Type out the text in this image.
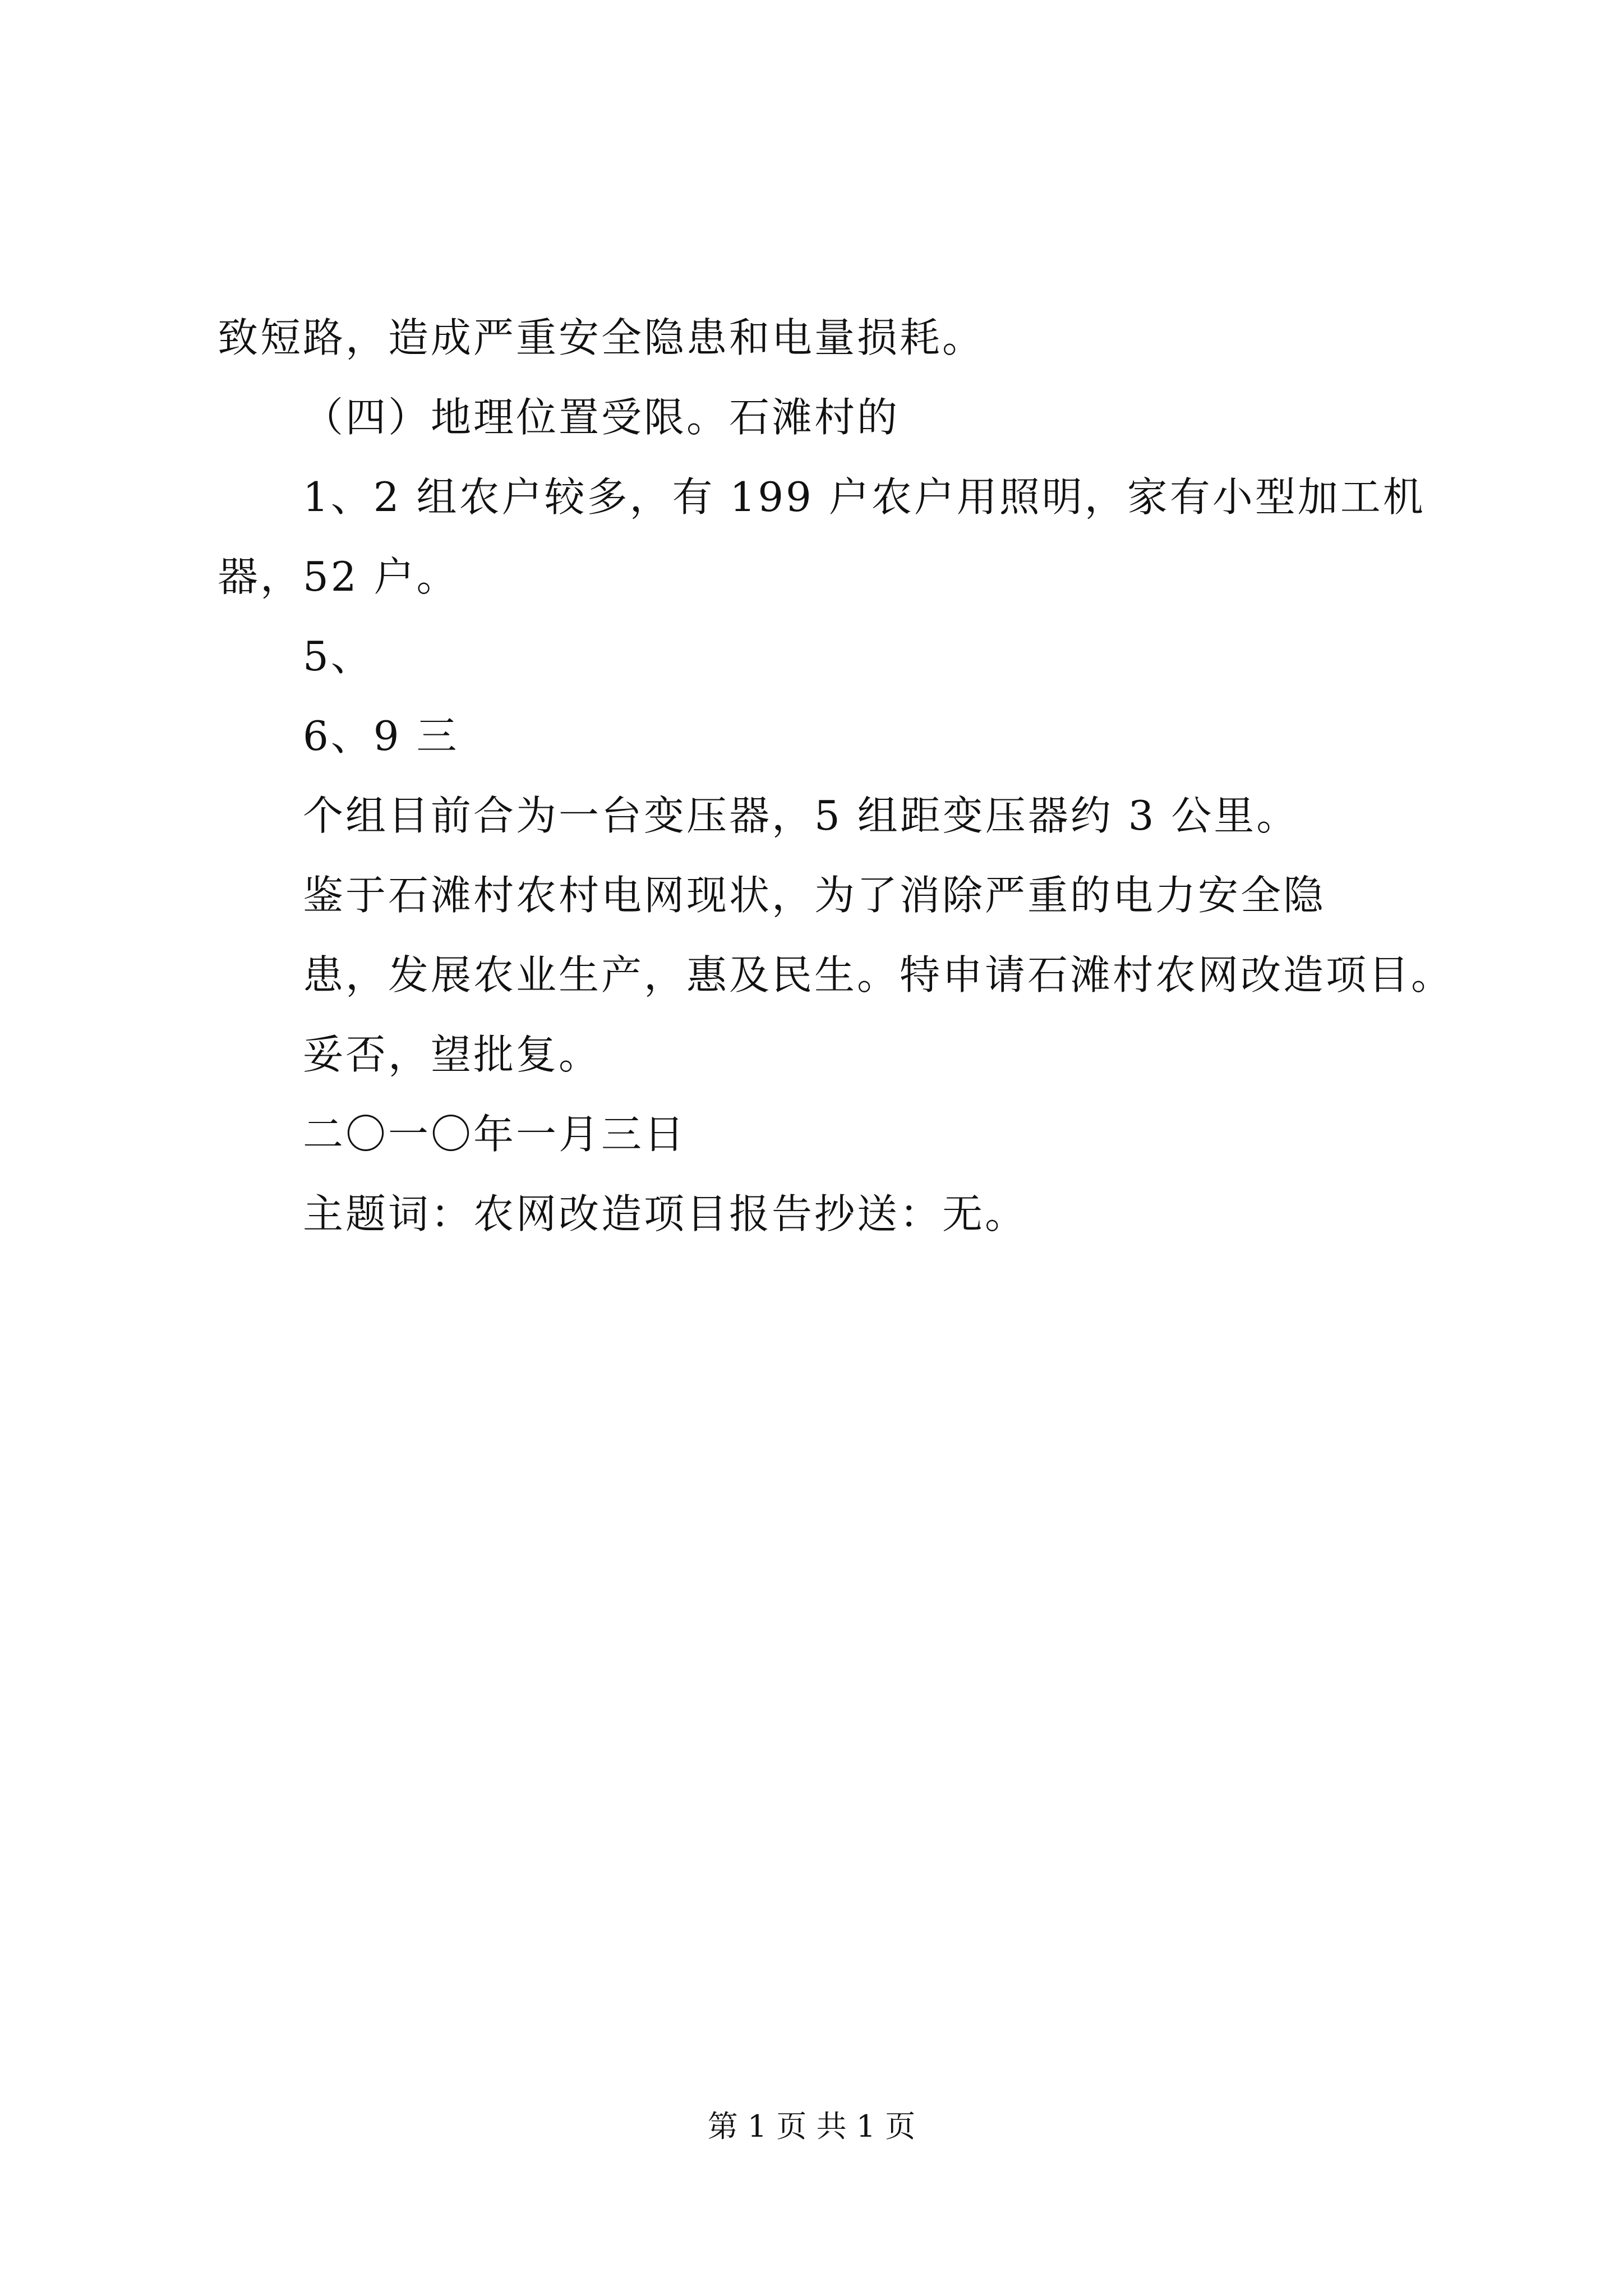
致短路，造成严重安全隐患和电量损耗。
（四）地理位置受限。石滩村的
1、2 组农户较多，有 199 户农户用照明，家有小型加工机
器，52 户。
5、
6、9 三
个组目前合为一台变压器，5 组距变压器约 3 公里。
鉴于石滩村农村电网现状，为了消除严重的电力安全隐
患，发展农业生产，惠及民生。特申请石滩村农网改造项目。
妥否，望批复。
二〇一〇年一月三日
主题词：农网改造项目报告抄送：无。
第 1 页 共 1 页
